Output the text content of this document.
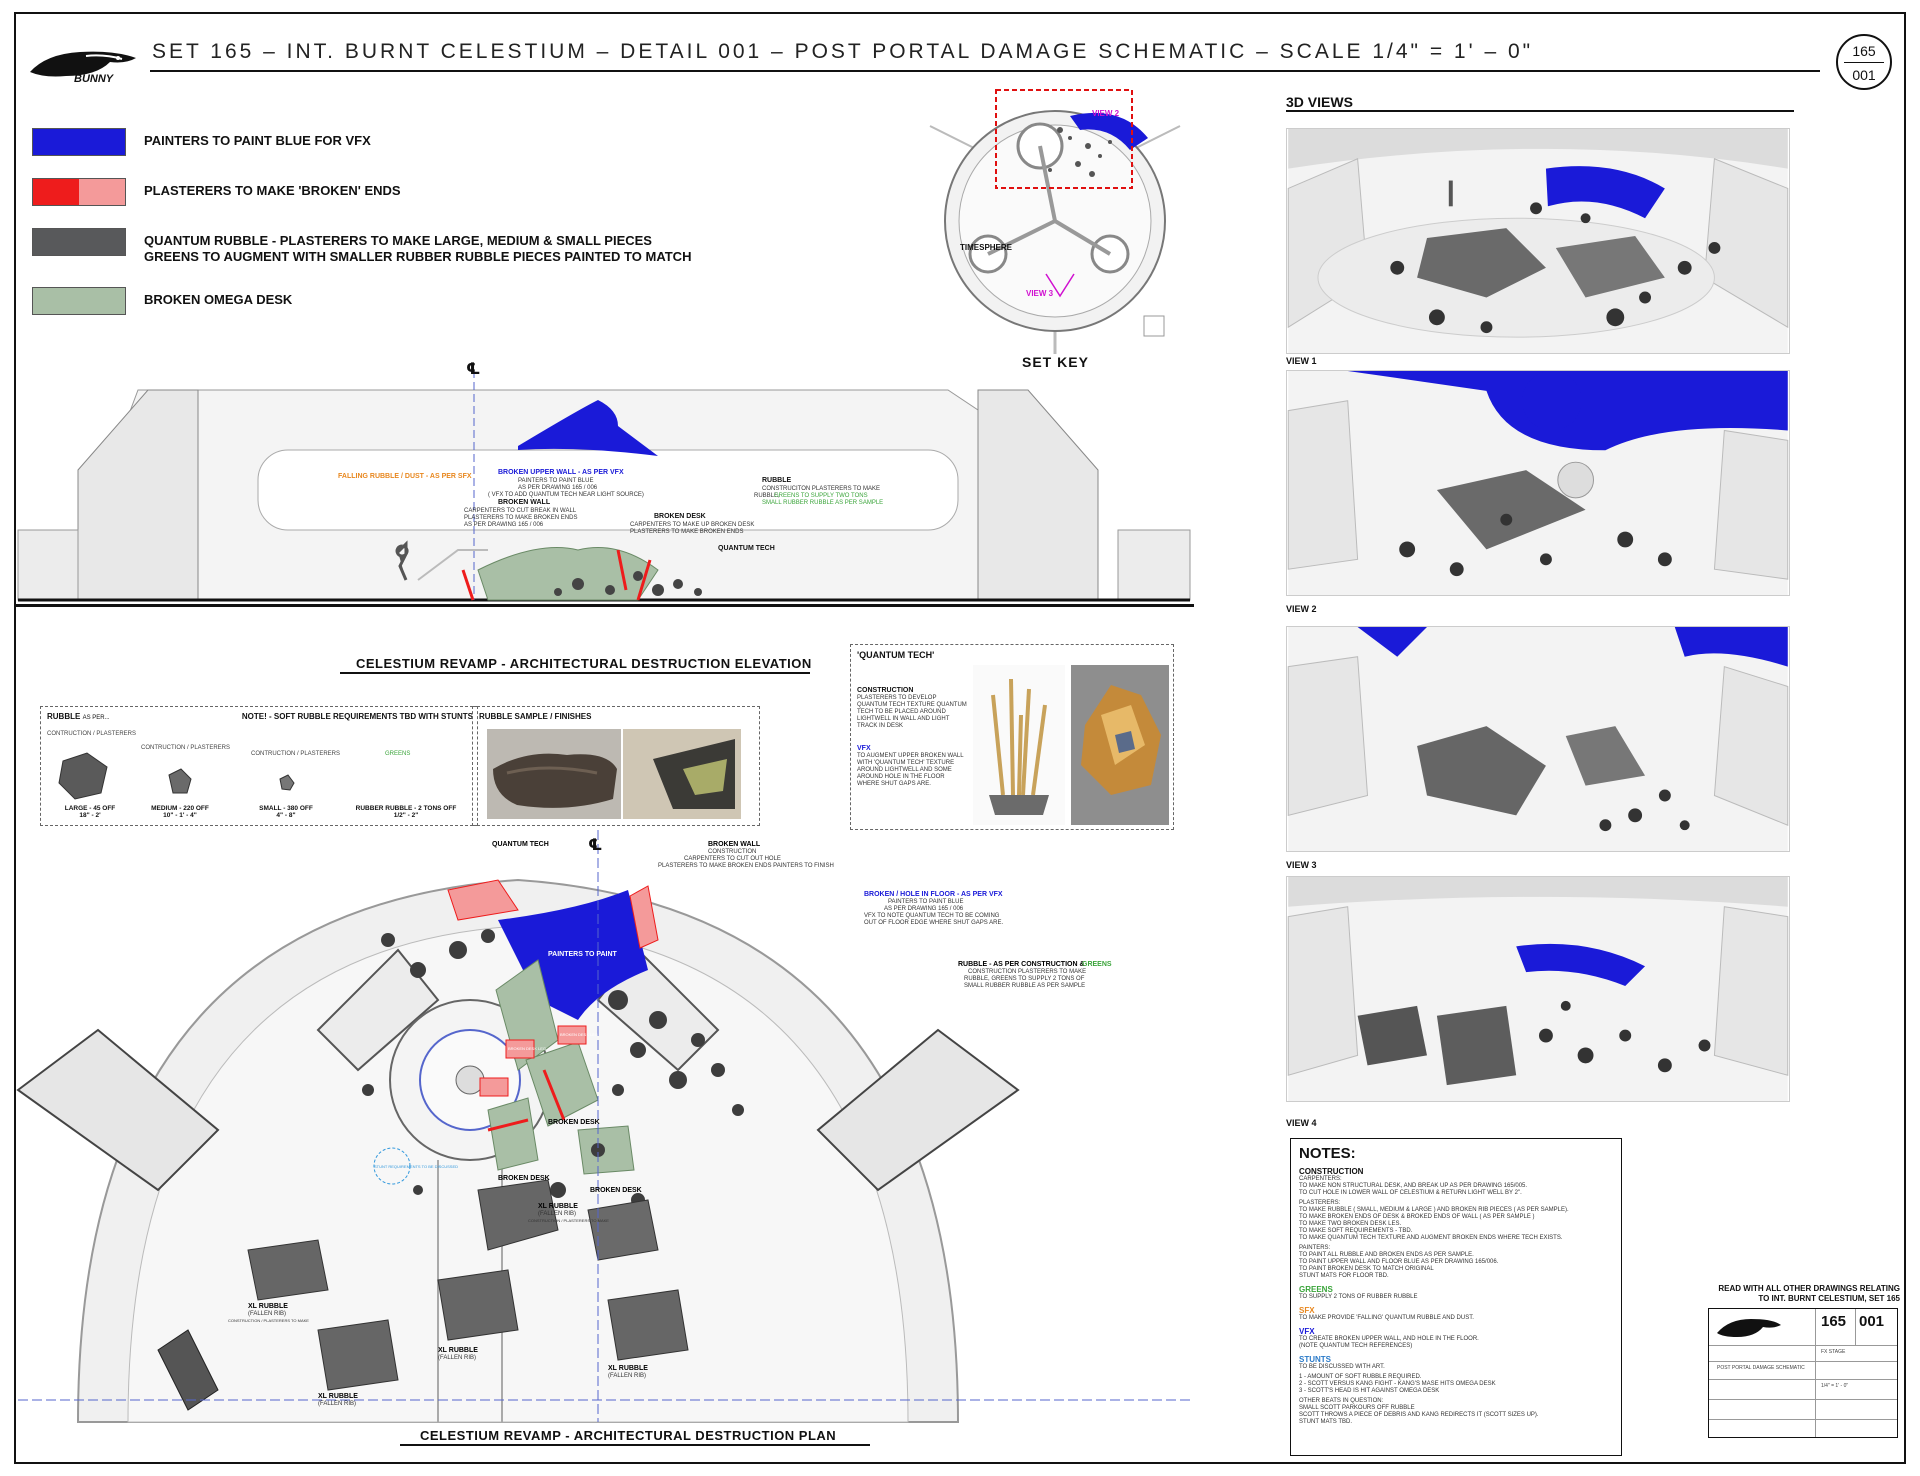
BUNNY
SET 165 – INT. BURNT CELESTIUM – DETAIL 001 – POST PORTAL DAMAGE SCHEMATIC – SCALE 1/4" = 1' – 0"	165
001
PAINTERS TO PAINT BLUE FOR VFX
PLASTERERS TO MAKE 'BROKEN' ENDS
QUANTUM RUBBLE - PLASTERERS TO MAKE LARGE, MEDIUM & SMALL PIECES
GREENS TO AUGMENT WITH SMALLER RUBBER RUBBLE PIECES PAINTED TO MATCH
BROKEN OMEGA DESK
VIEW 2
VIEW 3
TIMESPHERE
SET KEY
3D VIEWS
VIEW 1
VIEW 2
VIEW 3
VIEW 4
℄
FALLING RUBBLE / DUST - AS PER SFX
BROKEN UPPER WALL - AS PER VFX
PAINTERS TO PAINT BLUE
AS PER DRAWING 165 / 006
( VFX TO ADD QUANTUM TECH NEAR LIGHT SOURCE)
RUBBLE
CONSTRUCITON PLASTERERS TO MAKE
RUBBLE,
GREENS TO SUPPLY TWO TONS
SMALL RUBBER RUBBLE AS PER SAMPLE
BROKEN WALL
CARPENTERS TO CUT BREAK IN WALL
PLASTERERS TO MAKE BROKEN ENDS
AS PER DRAWING 165 / 006
BROKEN DESK
CARPENTERS TO MAKE UP BROKEN DESK
PLASTERERS TO MAKE BROKEN ENDS
QUANTUM TECH
CELESTIUM REVAMP - ARCHITECTURAL DESTRUCTION ELEVATION
RUBBLE AS PER...	NOTE! - SOFT RUBBLE REQUIREMENTS TBD WITH STUNTS
CONTRUCTION / PLASTERERS
CONTRUCTION / PLASTERERS
CONTRUCTION / PLASTERERS	GREENS
LARGE - 45 OFF
18" - 2'
MEDIUM - 220 OFF
10" - 1' - 4"
SMALL - 380 OFF
4" - 8"
RUBBER RUBBLE - 2 TONS OFF
1/2" - 2"
RUBBLE SAMPLE / FINISHES
'QUANTUM TECH'
CONSTRUCTION
PLASTERERS TO DEVELOP QUANTUM TECH TEXTURE QUANTUM TECH TO BE PLACED AROUND LIGHTWELL IN WALL AND LIGHT TRACK IN DESK
VFX
TO AUGMENT UPPER BROKEN WALL WITH 'QUANTUM TECH' TEXTURE AROUND LIGHTWELL AND SOME AROUND HOLE IN THE FLOOR WHERE SHUT GAPS ARE.
℄
QUANTUM TECH	BROKEN WALL
CONSTRUCTION
CARPENTERS TO CUT OUT HOLE
PLASTERERS TO MAKE BROKEN ENDS PAINTERS TO FINISH
BROKEN / HOLE IN FLOOR - AS PER VFX
PAINTERS TO PAINT BLUE
AS PER DRAWING 165 / 006
VFX TO NOTE QUANTUM TECH TO BE COMING
OUT OF FLOOR EDGE WHERE SHUT GAPS ARE.
PAINTERS TO PAINT
RUBBLE - AS PER CONSTRUCTION &
GREENS
CONSTRUCTION PLASTERERS TO MAKE
RUBBLE, GREENS TO SUPPLY 2 TONS OF
SMALL RUBBER RUBBLE AS PER SAMPLE
BROKEN DESK
BROKEN DESK
BROKEN DESK
BROKEN DESK LEG
BROKEN DESK LEG
STUNT REQUIREMENTS TO BE DISCUSSED
XL RUBBLE
(FALLEN RIB)
CONSTRUCTION / PLASTERERS TO MAKE
XL RUBBLE
(FALLEN RIB)
CONSTRUCTION / PLASTERERS TO MAKE
XL RUBBLE
(FALLEN RIB)
XL RUBBLE
(FALLEN RIB)
XL RUBBLE
(FALLEN RIB)
CELESTIUM REVAMP - ARCHITECTURAL DESTRUCTION PLAN
NOTES:
CONSTRUCTION
CARPENTERS:
TO MAKE NON STRUCTURAL DESK, AND BREAK UP AS PER DRAWING 165/005.
TO CUT HOLE IN LOWER WALL OF CELESTIUM & RETURN LIGHT WELL BY 2".
PLASTERERS:
TO MAKE RUBBLE ( SMALL, MEDIUM & LARGE ) AND BROKEN RIB PIECES ( AS PER SAMPLE).
TO MAKE BROKEN ENDS OF DESK & BROKED ENDS OF WALL ( AS PER SAMPLE )
TO MAKE TWO BROKEN DESK LES.
TO MAKE SOFT REQUIREMENTS - TBD.
TO MAKE QUANTUM TECH TEXTURE AND AUGMENT BROKEN ENDS WHERE TECH EXISTS.
PAINTERS:
TO PAINT ALL RUBBLE AND BROKEN ENDS AS PER SAMPLE.
TO PAINT UPPER WALL AND FLOOR BLUE AS PER DRAWING 165/006.
TO PAINT BROKEN DESK TO MATCH ORIGINAL
STUNT MATS FOR FLOOR TBD.
GREENS
TO SUPPLY 2 TONS OF RUBBER RUBBLE
SFX
TO MAKE PROVIDE 'FALLING' QUANTUM RUBBLE AND DUST.
VFX
TO CREATE BROKEN UPPER WALL, AND HOLE IN THE FLOOR.
(NOTE QUANTUM TECH REFERENCES)
STUNTS
TO BE DISCUSSED WITH ART.
1 - AMOUNT OF SOFT RUBBLE REQUIRED.
2 - SCOTT VERSUS KANG FIGHT - KANG'S MASE HITS OMEGA DESK
3 - SCOTT'S HEAD IS HIT AGAINST OMEGA DESK
OTHER BEATS IN QUESTION:
SMALL SCOTT PARKOURS OFF RUBBLE
SCOTT THROWS A PIECE OF DEBRIS AND KANG REDIRECTS IT (SCOTT SIZES UP).
STUNT MATS TBD.
READ WITH ALL OTHER DRAWINGS RELATING
TO INT. BURNT CELESTIUM, SET 165
165 001
FX STAGE
POST PORTAL DAMAGE SCHEMATIC
1/4" = 1' - 0"
